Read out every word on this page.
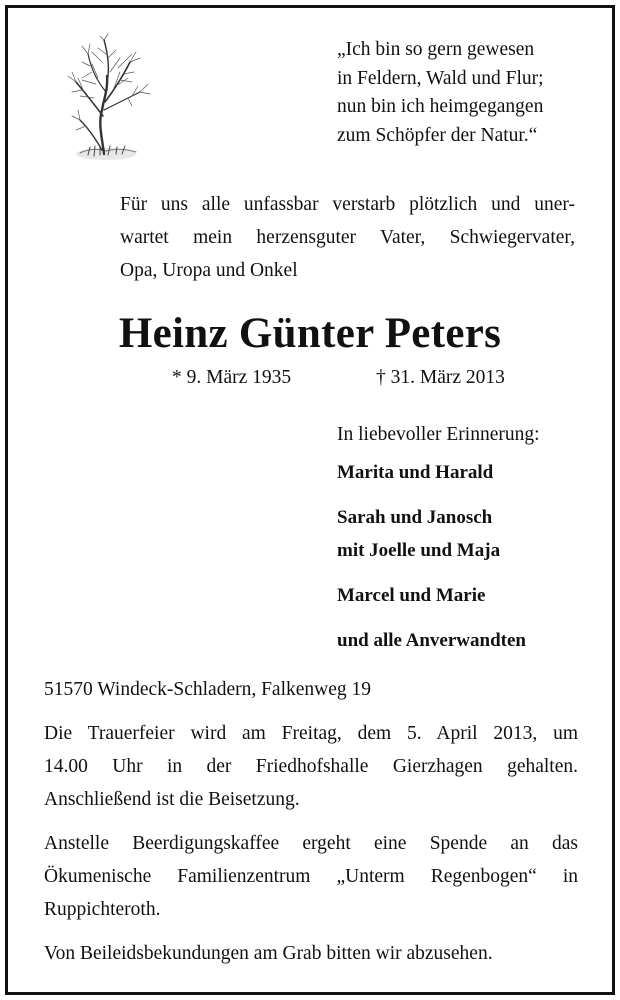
„Ich bin so gern gewesen
in Feldern, Wald und Flur;
nun bin ich heimgegangen
zum Schöpfer der Natur.“
Für uns alle unfassbar verstarb plötzlich und uner-
wartet mein herzensguter Vater, Schwiegervater,
Opa, Uropa und Onkel
Heinz Günter Peters
* 9. März 1935	† 31. März 2013
In liebevoller Erinnerung:
Marita und Harald
Sarah und Janosch
mit Joelle und Maja
Marcel und Marie
und alle Anverwandten
51570 Windeck-Schladern, Falkenweg 19
Die Trauerfeier wird am Freitag, dem 5. April 2013, um
14.00 Uhr in der Friedhofshalle Gierzhagen gehalten.
Anschließend ist die Beisetzung.
Anstelle Beerdigungskaffee ergeht eine Spende an das
Ökumenische Familienzentrum „Unterm Regenbogen“ in
Ruppichteroth.
Von Beileidsbekundungen am Grab bitten wir abzusehen.
